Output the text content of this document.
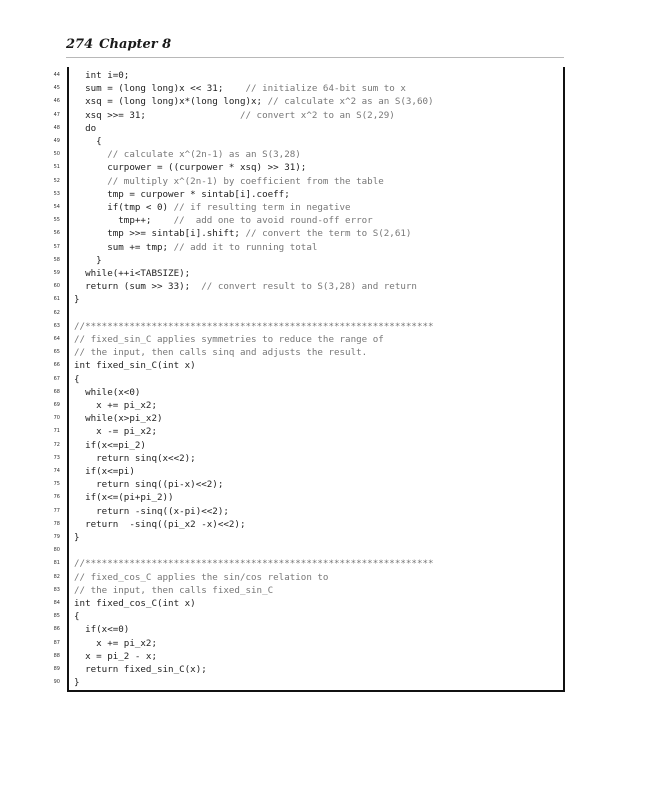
274 Chapter 8
44 int i=0;
45 sum = (long long)x << 31;    // initialize 64-bit sum to x
46 xsq = (long long)x*(long long)x; // calculate x^2 as an S(3,60)
47 xsq >>= 31;                 // convert x^2 to an S(2,29)
48 do
49 {
50	// calculate x^(2n-1) as an S(3,28)
51 curpower = ((curpower * xsq) >> 31);
52	// multiply x^(2n-1) by coefficient from the table
53 tmp = curpower * sintab[i].coeff;
54 if(tmp < 0) // if resulting term in negative
55 tmp++;    //  add one to avoid round-off error
56 tmp >>= sintab[i].shift; // convert the term to S(2,61)
57 sum += tmp; // add it to running total
58 }
59 while(++i<TABSIZE);
60 return (sum >> 33);  // convert result to S(3,28) and return
61 }
62
63 //***************************************************************
64 // fixed_sin_C applies symmetries to reduce the range of
65 // the input, then calls sinq and adjusts the result.
66 int fixed_sin_C(int x)
67 {
68 while(x<0)
69 x += pi_x2;
70 while(x>pi_x2)
71 x -= pi_x2;
72 if(x<=pi_2)
73 return sinq(x<<2);
74 if(x<=pi)
75 return sinq((pi-x)<<2);
76 if(x<=(pi+pi_2))
77 return -sinq((x-pi)<<2);
78 return  -sinq((pi_x2 -x)<<2);
79 }
80
81 //***************************************************************
82 // fixed_cos_C applies the sin/cos relation to
83 // the input, then calls fixed_sin_C
84 int fixed_cos_C(int x)
85 {
86 if(x<=0)
87 x += pi_x2;
88 x = pi_2 - x;
89 return fixed_sin_C(x);
90 }
